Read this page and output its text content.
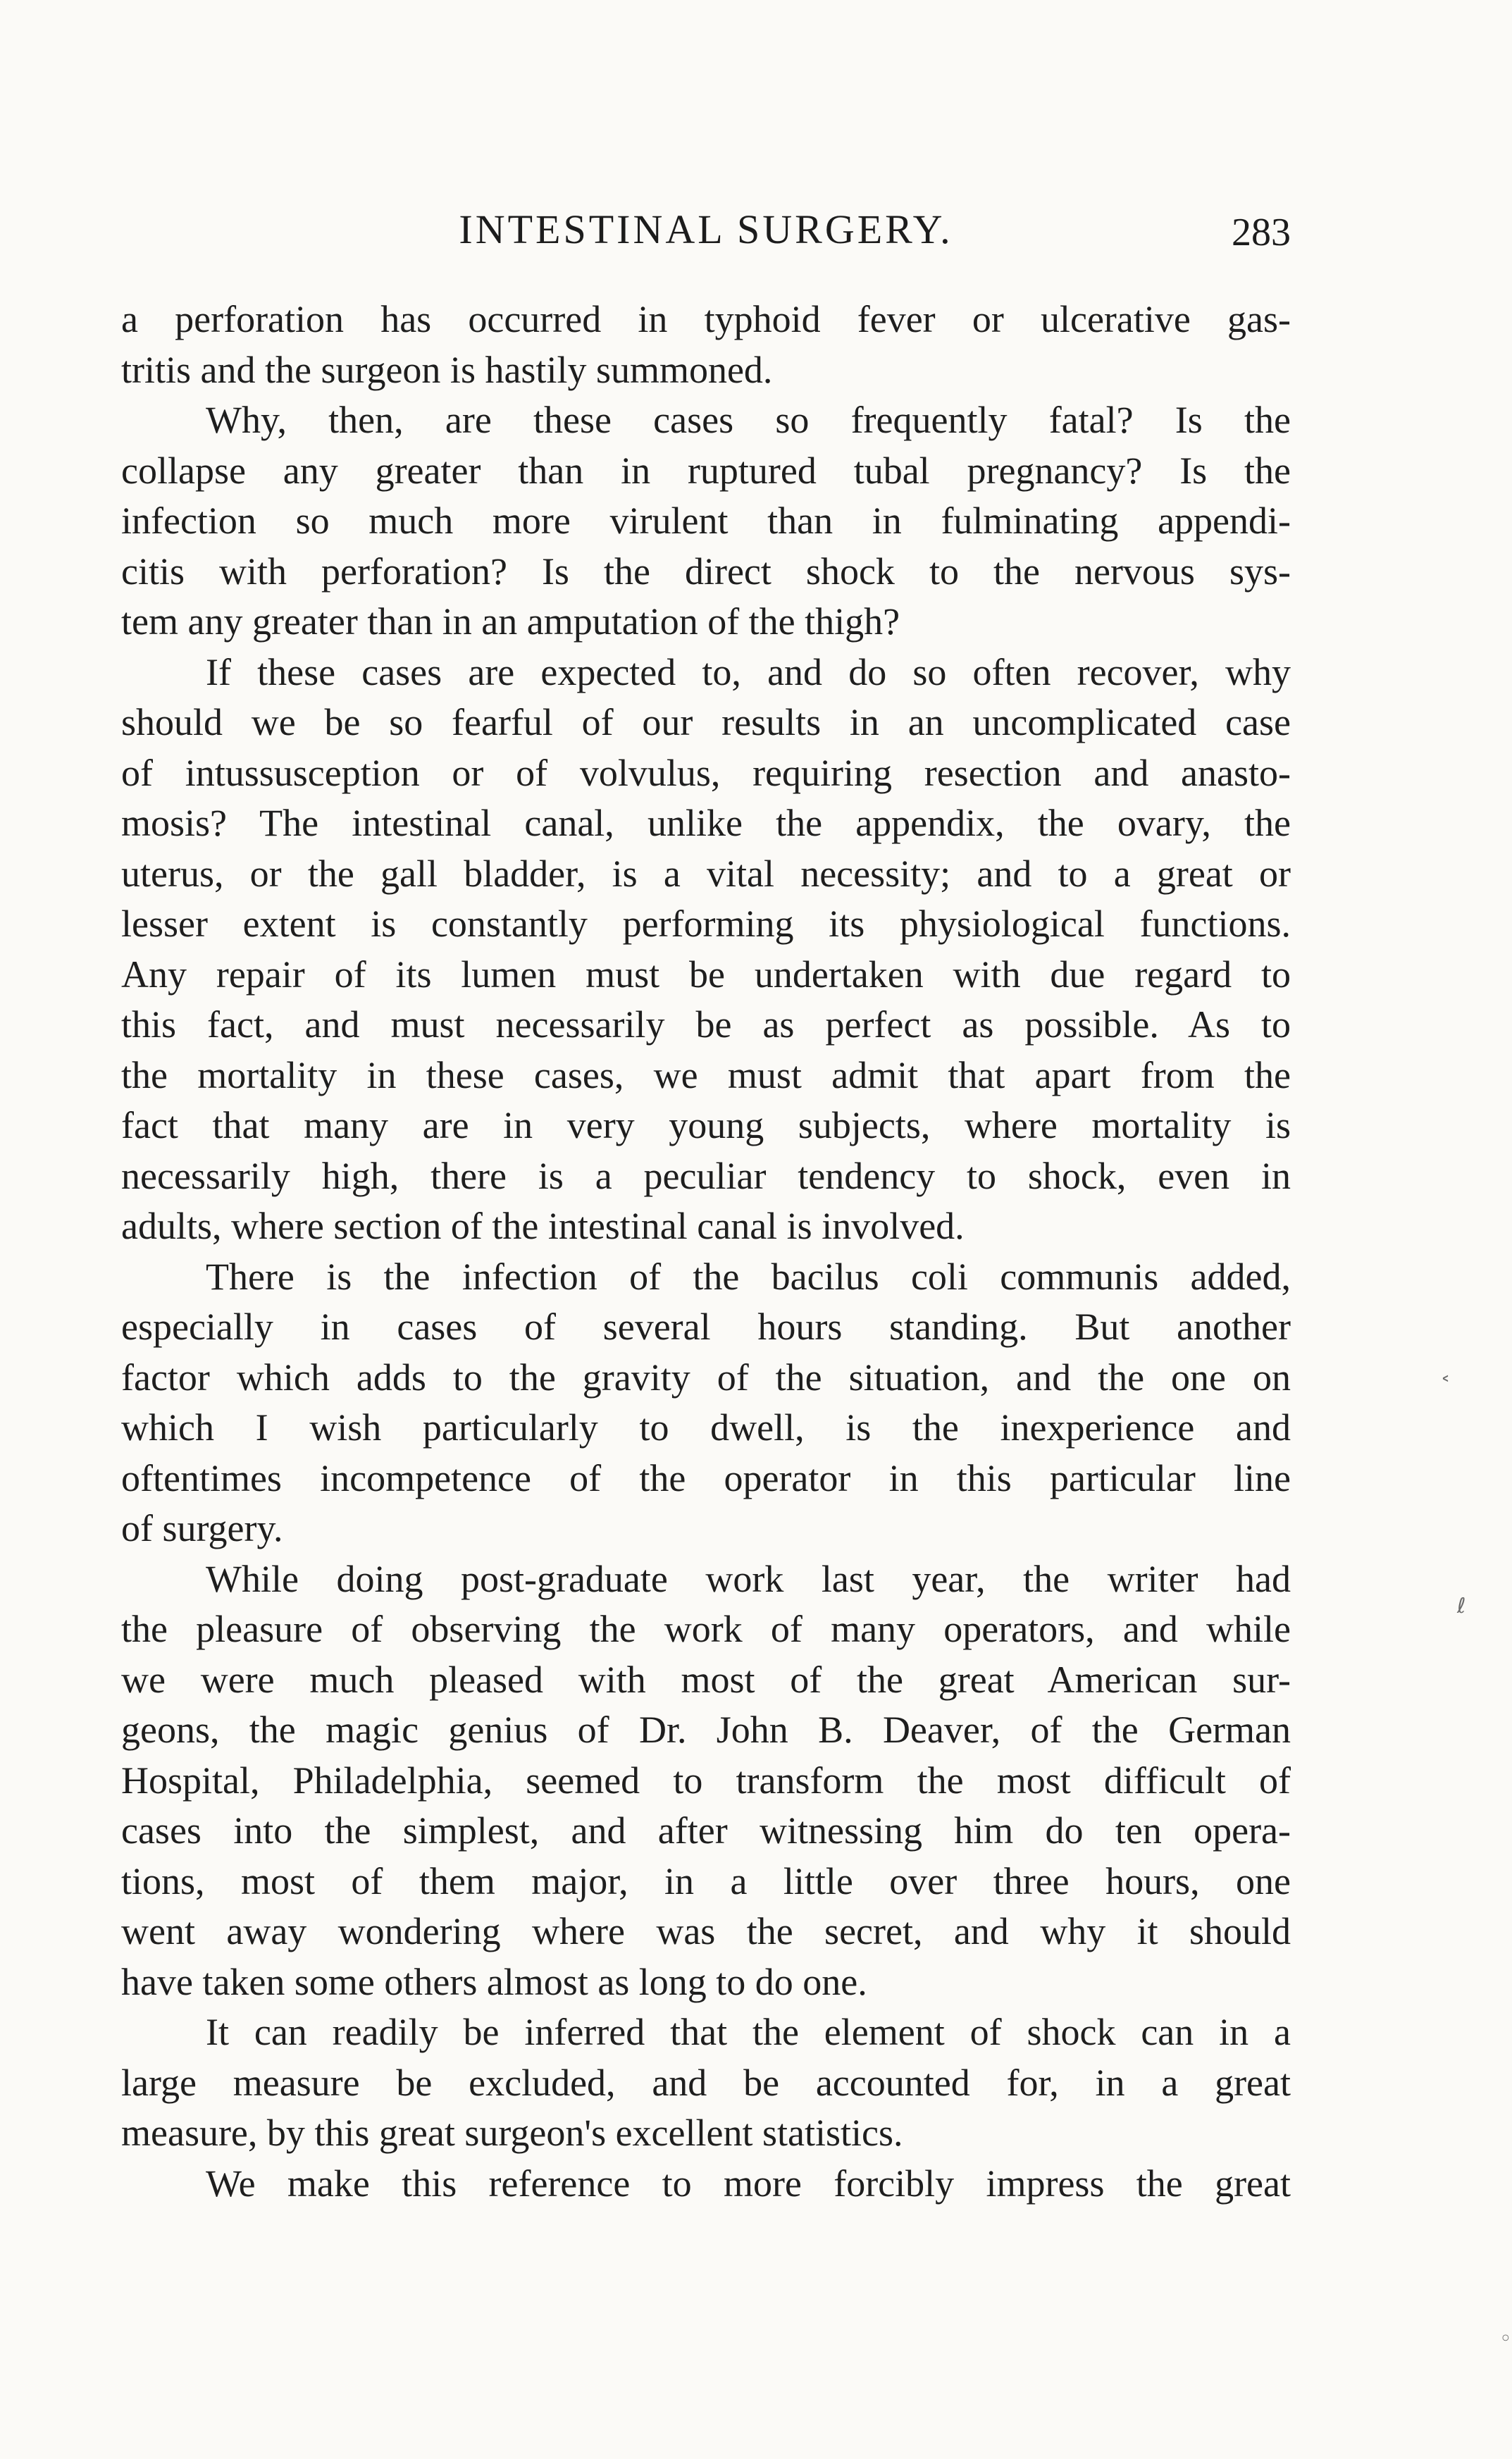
INTESTINAL SURGERY.	283
a perforation has occurred in typhoid fever or ulcerative gas-
tritis and the surgeon is hastily summoned.
Why, then, are these cases so frequently fatal? Is the
collapse any greater than in ruptured tubal pregnancy? Is the
infection so much more virulent than in fulminating appendi-
citis with perforation? Is the direct shock to the nervous sys-
tem any greater than in an amputation of the thigh?
If these cases are expected to, and do so often recover, why
should we be so fearful of our results in an uncomplicated case
of intussusception or of volvulus, requiring resection and anasto-
mosis? The intestinal canal, unlike the appendix, the ovary, the
uterus, or the gall bladder, is a vital necessity; and to a great or
lesser extent is constantly performing its physiological functions.
Any repair of its lumen must be undertaken with due regard to
this fact, and must necessarily be as perfect as possible. As to
the mortality in these cases, we must admit that apart from the
fact that many are in very young subjects, where mortality is
necessarily high, there is a peculiar tendency to shock, even in
adults, where section of the intestinal canal is involved.
There is the infection of the bacilus coli communis added,
especially in cases of several hours standing. But another
factor which adds to the gravity of the situation, and the one on
which I wish particularly to dwell, is the inexperience and
oftentimes incompetence of the operator in this particular line
of surgery.
While doing post-graduate work last year, the writer had
the pleasure of observing the work of many operators, and while
we were much pleased with most of the great American sur-
geons, the magic genius of Dr. John B. Deaver, of the German
Hospital, Philadelphia, seemed to transform the most difficult of
cases into the simplest, and after witnessing him do ten opera-
tions, most of them major, in a little over three hours, one
went away wondering where was the secret, and why it should
have taken some others almost as long to do one.
It can readily be inferred that the element of shock can in a
large measure be excluded, and be accounted for, in a great
measure, by this great surgeon's excellent statistics.
We make this reference to more forcibly impress the great
˂
ℓ
◦
